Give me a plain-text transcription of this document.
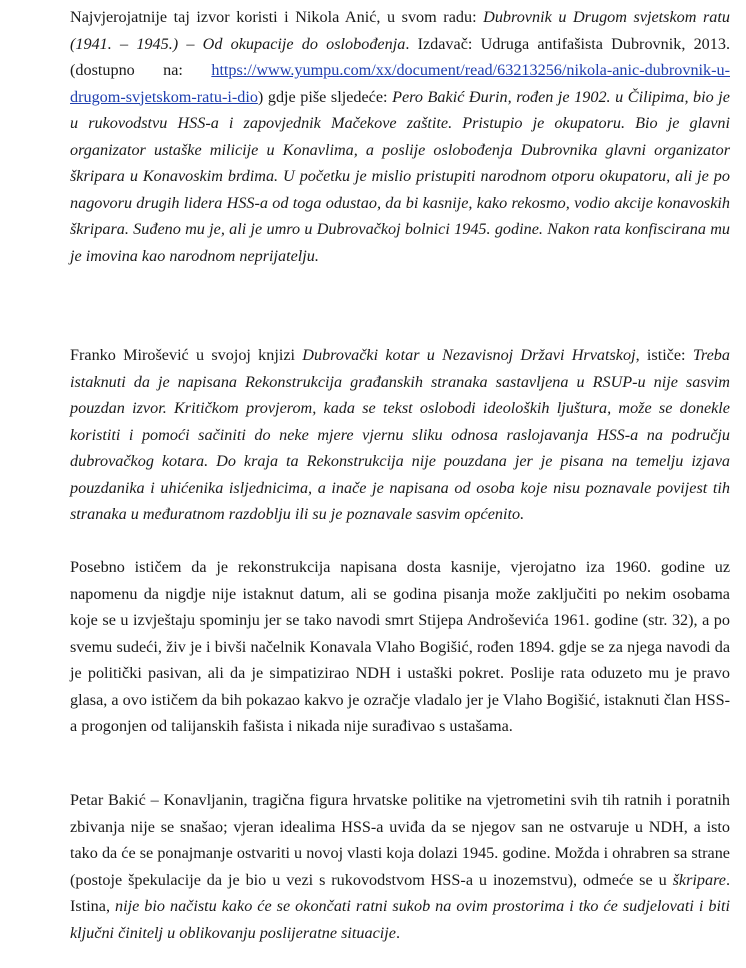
Najvjerojatnije taj izvor koristi i Nikola Anić, u svom radu: Dubrovnik u Drugom svjetskom ratu (1941. – 1945.) – Od okupacije do oslobođenja. Izdavač: Udruga antifašista Dubrovnik, 2013. (dostupno na: https://www.yumpu.com/xx/document/read/63213256/nikola-anic-dubrovnik-u-drugom-svjetskom-ratu-i-dio) gdje piše sljedeće: Pero Bakić Đurin, rođen je 1902. u Čilipima, bio je u rukovodstvu HSS-a i zapovjednik Mačekove zaštite. Pristupio je okupatoru. Bio je glavni organizator ustaške milicije u Konavlima, a poslije oslobođenja Dubrovnika glavni organizator škripara u Konavoskim brdima. U početku je mislio pristupiti narodnom otporu okupatoru, ali je po nagovoru drugih lidera HSS-a od toga odustao, da bi kasnije, kako rekosmo, vodio akcije konavoskih škripara. Suđeno mu je, ali je umro u Dubrovačkoj bolnici 1945. godine. Nakon rata konfiscirana mu je imovina kao narodnom neprijatelju.

Franko Mirošević u svojoj knjizi Dubrovački kotar u Nezavisnoj Državi Hrvatskoj, ističe: Treba istaknuti da je napisana Rekonstrukcija građanskih stranaka sastavljena u RSUP-u nije sasvim pouzdan izvor. Kritičkom provjerom, kada se tekst oslobodi ideoloških ljuštura, može se donekle koristiti i pomoći sačiniti do neke mjere vjernu sliku odnosa raslojavanja HSS-a na području dubrovačkog kotara. Do kraja ta Rekonstrukcija nije pouzdana jer je pisana na temelju izjava pouzdanika i uhićenika isljednicima, a inače je napisana od osoba koje nisu poznavale povijest tih stranaka u međuratnom razdoblju ili su je poznavale sasvim općenito.

Posebno ističem da je rekonstrukcija napisana dosta kasnije, vjerojatno iza 1960. godine uz napomenu da nigdje nije istaknut datum, ali se godina pisanja može zaključiti po nekim osobama koje se u izvještaju spominju jer se tako navodi smrt Stijepa Androševića 1961. godine (str. 32), a po svemu sudeći, živ je i bivši načelnik Konavala Vlaho Bogišić, rođen 1894. gdje se za njega navodi da je politički pasivan, ali da je simpatizirao NDH i ustaški pokret. Poslije rata oduzeto mu je pravo glasa, a ovo ističem da bih pokazao kakvo je ozračje vladalo jer je Vlaho Bogišić, istaknuti član HSS-a progonjen od talijanskih fašista i nikada nije surađivao s ustašama.

Petar Bakić – Konavljanin, tragična figura hrvatske politike na vjetrometini svih tih ratnih i poratnih zbivanja nije se snašao; vjeran idealima HSS-a uviđa da se njegov san ne ostvaruje u NDH, a isto tako da će se ponajmanje ostvariti u novoj vlasti koja dolazi 1945. godine. Možda i ohrabren sa strane (postoje špekulacije da je bio u vezi s rukovodstvom HSS-a u inozemstvu), odmeće se u škripare. Istina, nije bio načistu kako će se okončati ratni sukob na ovim prostorima i tko će sudjelovati i biti ključni činitelj u oblikovanju poslijeratne situacije.
